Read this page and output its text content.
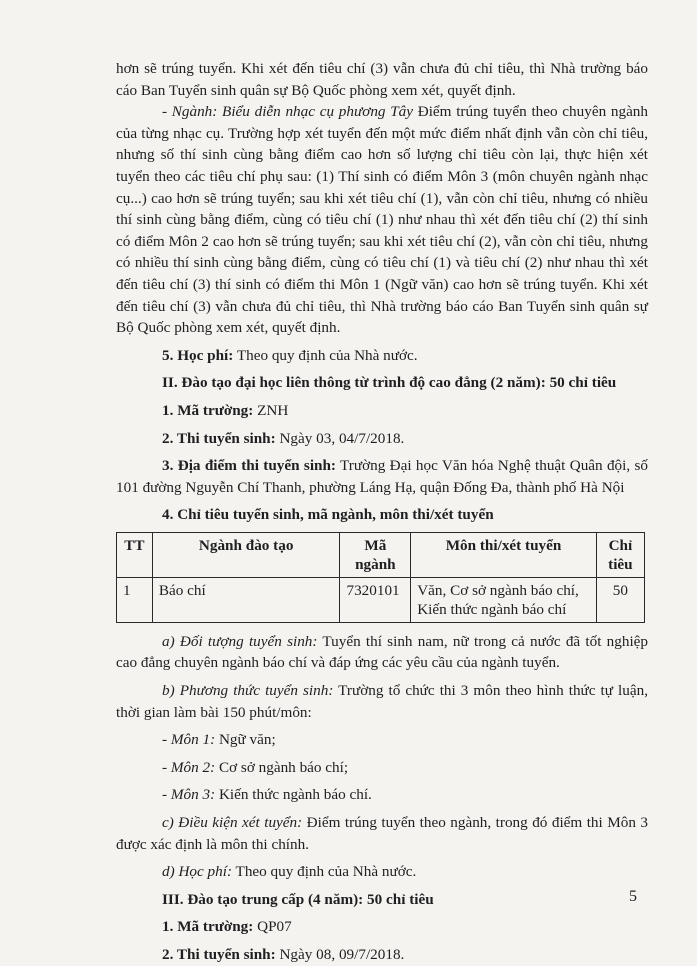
hơn sẽ trúng tuyển. Khi xét đến tiêu chí (3) vẫn chưa đủ chỉ tiêu, thì Nhà trường báo cáo Ban Tuyển sinh quân sự Bộ Quốc phòng xem xét, quyết định.

- Ngành: Biểu diễn nhạc cụ phương Tây Điểm trúng tuyển theo chuyên ngành của từng nhạc cụ. Trường hợp xét tuyển đến một mức điểm nhất định vẫn còn chỉ tiêu, nhưng số thí sinh cùng bằng điểm cao hơn số lượng chỉ tiêu còn lại, thực hiện xét tuyển theo các tiêu chí phụ sau: (1) Thí sinh có điểm Môn 3 (môn chuyên ngành nhạc cụ...) cao hơn sẽ trúng tuyển; sau khi xét tiêu chí (1), vẫn còn chỉ tiêu, nhưng có nhiều thí sinh cùng bằng điểm, cùng có tiêu chí (1) như nhau thì xét đến tiêu chí (2) thí sinh có điểm Môn 2 cao hơn sẽ trúng tuyển; sau khi xét tiêu chí (2), vẫn còn chỉ tiêu, nhưng có nhiều thí sinh cùng bằng điểm, cùng có tiêu chí (1) và tiêu chí (2) như nhau thì xét đến tiêu chí (3) thí sinh có điểm thi Môn 1 (Ngữ văn) cao hơn sẽ trúng tuyển. Khi xét đến tiêu chí (3) vẫn chưa đủ chỉ tiêu, thì Nhà trường báo cáo Ban Tuyển sinh quân sự Bộ Quốc phòng xem xét, quyết định.

5. Học phí: Theo quy định của Nhà nước.

II. Đào tạo đại học liên thông từ trình độ cao đẳng (2 năm): 50 chỉ tiêu

1. Mã trường: ZNH

2. Thi tuyển sinh: Ngày 03, 04/7/2018.

3. Địa điểm thi tuyển sinh: Trường Đại học Văn hóa Nghệ thuật Quân đội, số 101 đường Nguyễn Chí Thanh, phường Láng Hạ, quận Đống Đa, thành phố Hà Nội

4. Chỉ tiêu tuyển sinh, mã ngành, môn thi/xét tuyển

TT	Ngành đào tạo	Mã ngành	Môn thi/xét tuyển	Chỉ tiêu
1	Báo chí	7320101	Văn, Cơ sở ngành báo chí, Kiến thức ngành báo chí	50

a) Đối tượng tuyển sinh: Tuyển thí sinh nam, nữ trong cả nước đã tốt nghiệp cao đẳng chuyên ngành báo chí và đáp ứng các yêu cầu của ngành tuyển.

b) Phương thức tuyển sinh: Trường tổ chức thi 3 môn theo hình thức tự luận, thời gian làm bài 150 phút/môn:

- Môn 1: Ngữ văn;

- Môn 2: Cơ sở ngành báo chí;

- Môn 3: Kiến thức ngành báo chí.

c) Điều kiện xét tuyển: Điểm trúng tuyển theo ngành, trong đó điểm thi Môn 3 được xác định là môn thi chính.

d) Học phí: Theo quy định của Nhà nước.

III. Đào tạo trung cấp (4 năm): 50 chỉ tiêu

1. Mã trường: QP07

2. Thi tuyển sinh: Ngày 08, 09/7/2018.

5
